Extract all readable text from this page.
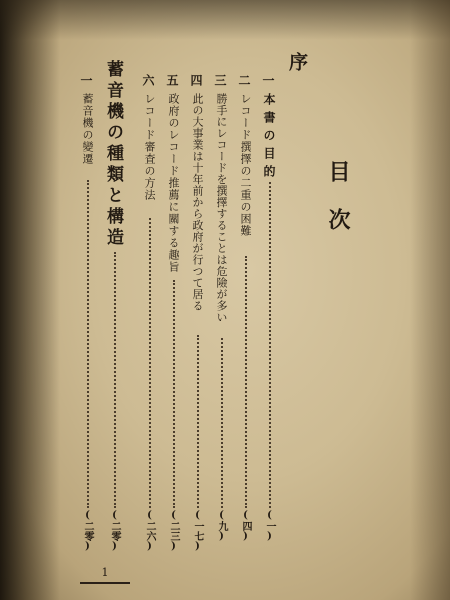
目次
序
一
本書の目的
(一)
二
レコード撰擇の二重の困難
(四)
三
勝手にレコードを撰擇することは危險が多い
(九)
四
此の大事業は十年前から政府が行つて居る
(一七)
五
政府のレコード推薦に關する趣旨
(二三)
六
レコード審査の方法
(二六)
蓄音機の種類と構造
(二零)
一
蓄音機の變遷
(二零)
1
